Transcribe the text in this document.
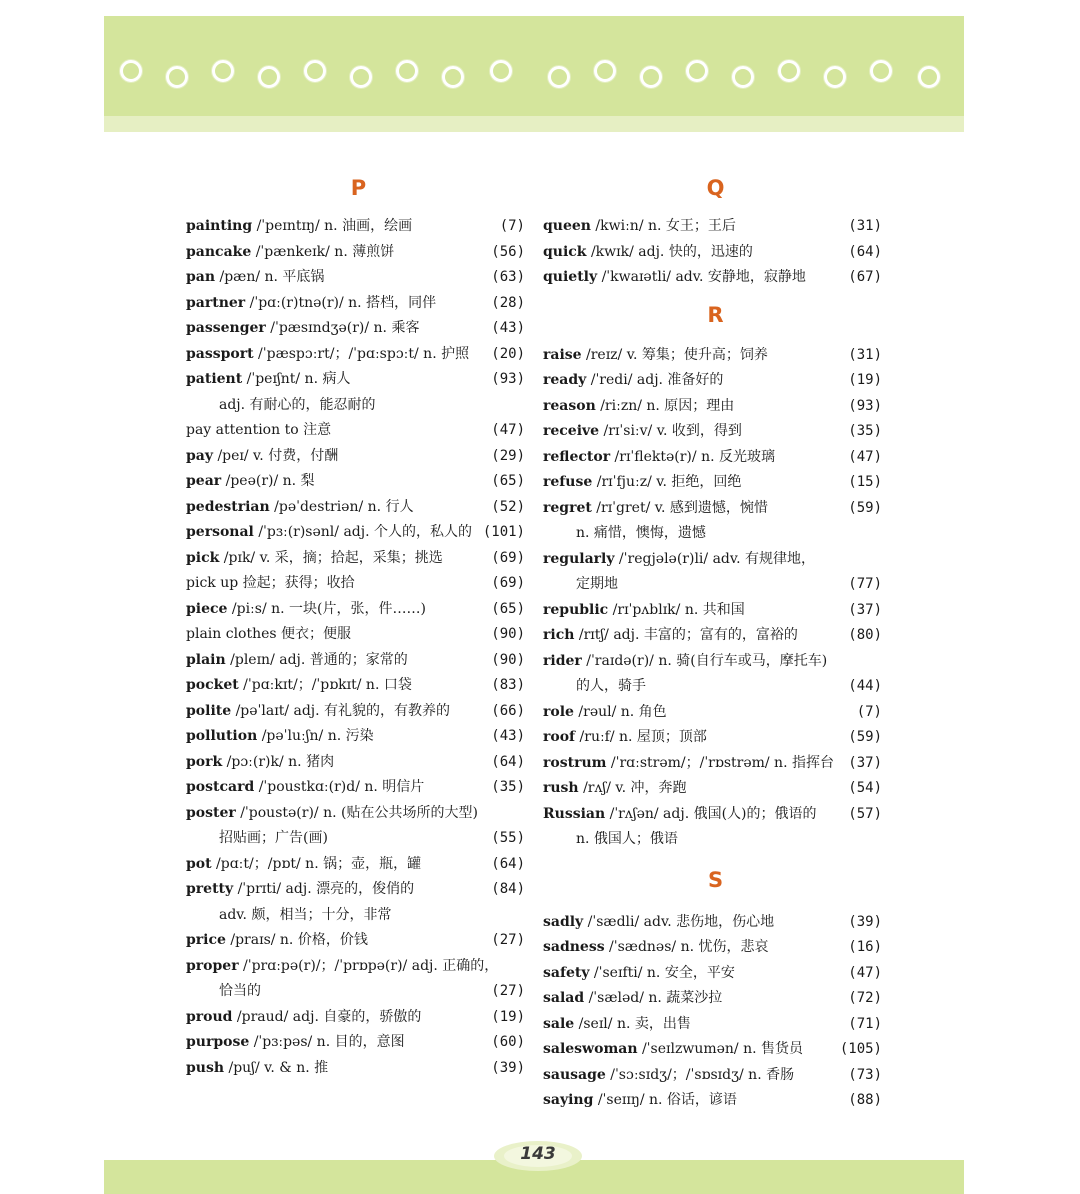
P
painting /ˈpeɪntɪŋ/ n. 油画，绘画	(7)
pancake /ˈpænkeɪk/ n. 薄煎饼	(56)
pan /pæn/ n. 平底锅	(63)
partner /ˈpɑː(r)tnə(r)/ n. 搭档，同伴	(28)
passenger /ˈpæsɪndʒə(r)/ n. 乘客	(43)
passport /ˈpæspɔːrt/；/ˈpɑːspɔːt/ n. 护照 (20)
patient /ˈpeɪʃnt/ n. 病人	(93)
adj. 有耐心的，能忍耐的
pay attention to 注意	(47)
pay /peɪ/ v. 付费，付酬	(29)
pear /peə(r)/ n. 梨	(65)
pedestrian /pəˈdestriən/ n. 行人	(52)
personal /ˈpɜː(r)sənl/ adj. 个人的，私人的 (101)
pick /pɪk/ v. 采，摘；拾起，采集；挑选	(69)
pick up 捡起；获得；收拾	(69)
piece /piːs/ n. 一块(片，张，件……)	(65)
plain clothes 便衣；便服	(90)
plain /pleɪn/ adj. 普通的；家常的	(90)
pocket /ˈpɑːkɪt/；/ˈpɒkɪt/ n. 口袋	(83)
polite /pəˈlaɪt/ adj. 有礼貌的，有教养的	(66)
pollution /pəˈluːʃn/ n. 污染	(43)
pork /pɔː(r)k/ n. 猪肉	(64)
postcard /ˈpoustkɑː(r)d/ n. 明信片	(35)
poster /ˈpoustə(r)/ n. (贴在公共场所的大型)
招贴画；广告(画)	(55)
pot /pɑːt/；/pɒt/ n. 锅；壶，瓶，罐	(64)
pretty /ˈprɪti/ adj. 漂亮的，俊俏的	(84)
adv. 颇，相当；十分，非常
price /praɪs/ n. 价格，价钱	(27)
proper /ˈprɑːpə(r)/；/ˈprɒpə(r)/ adj. 正确的，
恰当的	(27)
proud /praud/ adj. 自豪的，骄傲的	(19)
purpose /ˈpɜːpəs/ n. 目的，意图	(60)
push /puʃ/ v. & n. 推	(39)
Q
queen /kwiːn/ n. 女王；王后	(31)
quick /kwɪk/ adj. 快的，迅速的	(64)
quietly /ˈkwaɪətli/ adv. 安静地，寂静地	(67)
R
raise /reɪz/ v. 筹集；使升高；饲养	(31)
ready /ˈredi/ adj. 准备好的	(19)
reason /riːzn/ n. 原因；理由	(93)
receive /rɪˈsiːv/ v. 收到，得到	(35)
reflector /rɪˈflektə(r)/ n. 反光玻璃	(47)
refuse /rɪˈfjuːz/ v. 拒绝，回绝	(15)
regret /rɪˈgret/ v. 感到遗憾，惋惜	(59)
n. 痛惜，懊悔，遗憾
regularly /ˈregjələ(r)li/ adv. 有规律地，
定期地	(77)
republic /rɪˈpʌblɪk/ n. 共和国	(37)
rich /rɪtʃ/ adj. 丰富的；富有的，富裕的	(80)
rider /ˈraɪdə(r)/ n. 骑(自行车或马，摩托车)
的人，骑手	(44)
role /rəul/ n. 角色	(7)
roof /ruːf/ n. 屋顶；顶部	(59)
rostrum /ˈrɑːstrəm/；/ˈrɒstrəm/ n. 指挥台 (37)
rush /rʌʃ/ v. 冲，奔跑	(54)
Russian /ˈrʌʃən/ adj. 俄国(人)的；俄语的 (57)
n. 俄国人；俄语
S
sadly /ˈsædli/ adv. 悲伤地，伤心地	(39)
sadness /ˈsædnəs/ n. 忧伤，悲哀	(16)
safety /ˈseɪfti/ n. 安全，平安	(47)
salad /ˈsæləd/ n. 蔬菜沙拉	(72)
sale /seɪl/ n. 卖，出售	(71)
saleswoman /ˈseɪlzwumən/ n. 售货员	(105)
sausage /ˈsɔːsɪdʒ/；/ˈsɒsɪdʒ/ n. 香肠	(73)
saying /ˈseɪɪŋ/ n. 俗话，谚语	(88)
143
